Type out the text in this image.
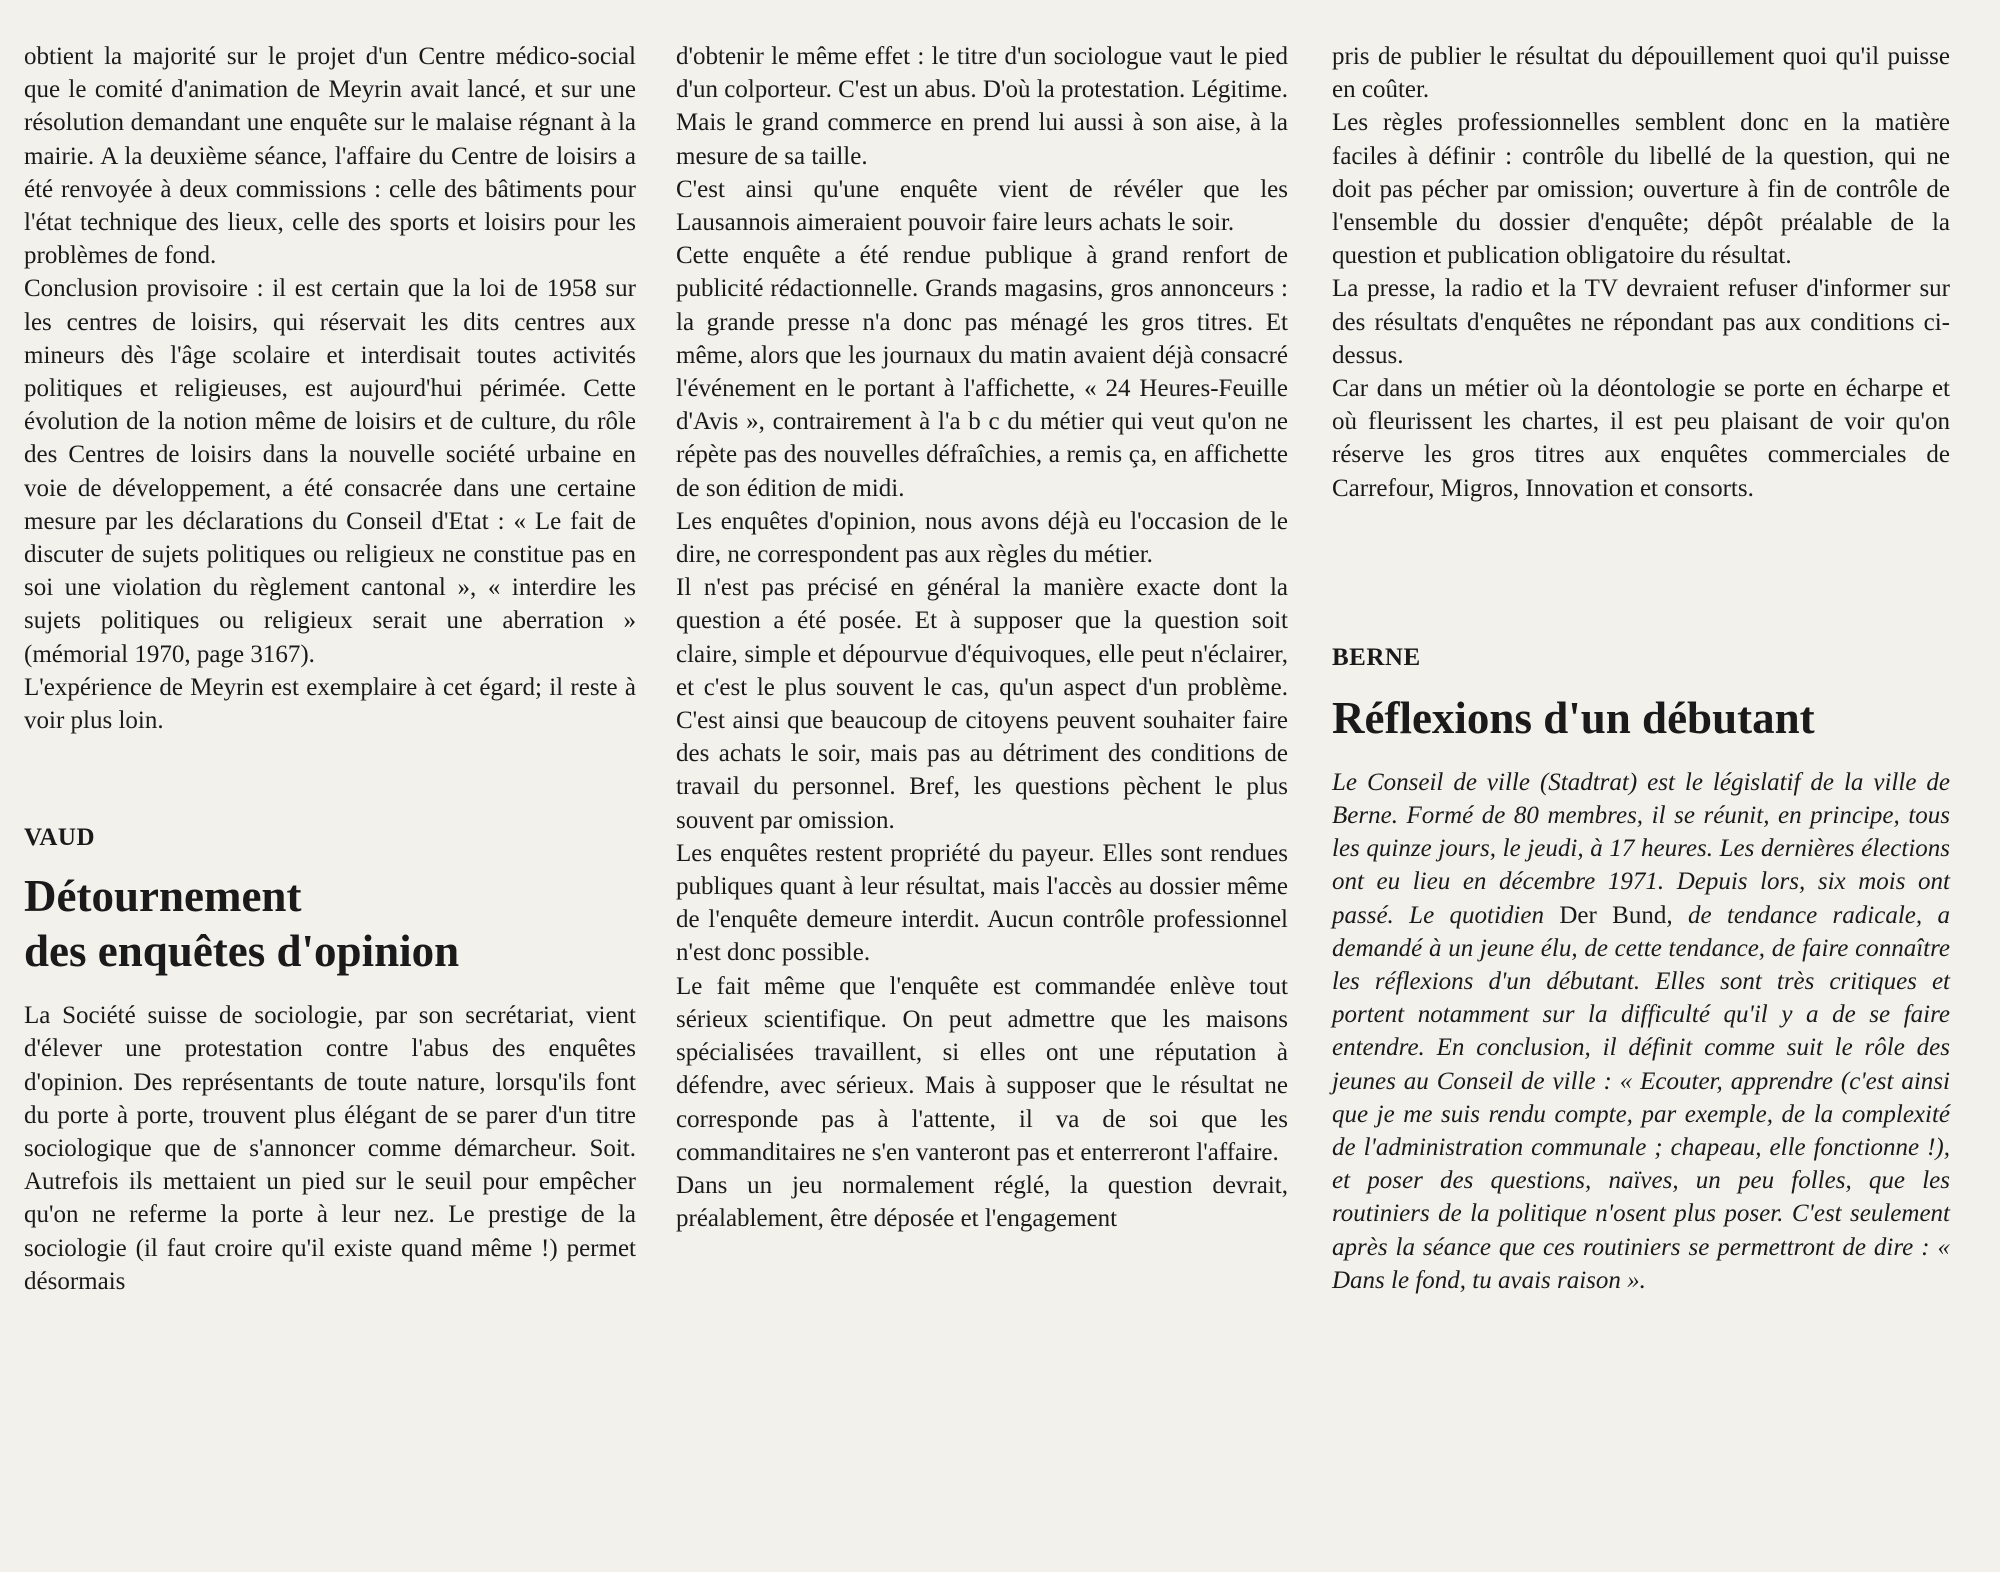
obtient la majorité sur le projet d'un Centre médico-social que le comité d'animation de Meyrin avait lancé, et sur une résolution demandant une enquête sur le malaise régnant à la mairie. A la deuxième séance, l'affaire du Centre de loisirs a été renvoyée à deux commissions : celle des bâtiments pour l'état technique des lieux, celle des sports et loisirs pour les problèmes de fond.

Conclusion provisoire : il est certain que la loi de 1958 sur les centres de loisirs, qui réservait les dits centres aux mineurs dès l'âge scolaire et interdisait toutes activités politiques et religieuses, est aujourd'hui périmée. Cette évolution de la notion même de loisirs et de culture, du rôle des Centres de loisirs dans la nouvelle société urbaine en voie de développement, a été consacrée dans une certaine mesure par les déclarations du Conseil d'Etat : « Le fait de discuter de sujets politiques ou religieux ne constitue pas en soi une violation du règlement cantonal », « interdire les sujets politiques ou religieux serait une aberration » (mémorial 1970, page 3167).

L'expérience de Meyrin est exemplaire à cet égard; il reste à voir plus loin.

VAUD

Détournement

des enquêtes d'opinion

La Société suisse de sociologie, par son secrétariat, vient d'élever une protestation contre l'abus des enquêtes d'opinion. Des représentants de toute nature, lorsqu'ils font du porte à porte, trouvent plus élégant de se parer d'un titre sociologique que de s'annoncer comme démarcheur. Soit. Autrefois ils mettaient un pied sur le seuil pour empêcher qu'on ne referme la porte à leur nez. Le prestige de la sociologie (il faut croire qu'il existe quand même !) permet désormais

d'obtenir le même effet : le titre d'un sociologue vaut le pied d'un colporteur. C'est un abus. D'où la protestation. Légitime.

Mais le grand commerce en prend lui aussi à son aise, à la mesure de sa taille.

C'est ainsi qu'une enquête vient de révéler que les Lausannois aimeraient pouvoir faire leurs achats le soir.

Cette enquête a été rendue publique à grand renfort de publicité rédactionnelle. Grands magasins, gros annonceurs : la grande presse n'a donc pas ménagé les gros titres. Et même, alors que les journaux du matin avaient déjà consacré l'événement en le portant à l'affichette, « 24 Heures-Feuille d'Avis », contrairement à l'a b c du métier qui veut qu'on ne répète pas des nouvelles défraîchies, a remis ça, en affichette de son édition de midi.

Les enquêtes d'opinion, nous avons déjà eu l'occasion de le dire, ne correspondent pas aux règles du métier.

Il n'est pas précisé en général la manière exacte dont la question a été posée. Et à supposer que la question soit claire, simple et dépourvue d'équivoques, elle peut n'éclairer, et c'est le plus souvent le cas, qu'un aspect d'un problème. C'est ainsi que beaucoup de citoyens peuvent souhaiter faire des achats le soir, mais pas au détriment des conditions de travail du personnel. Bref, les questions pèchent le plus souvent par omission.

Les enquêtes restent propriété du payeur. Elles sont rendues publiques quant à leur résultat, mais l'accès au dossier même de l'enquête demeure interdit. Aucun contrôle professionnel n'est donc possible.

Le fait même que l'enquête est commandée enlève tout sérieux scientifique. On peut admettre que les maisons spécialisées travaillent, si elles ont une réputation à défendre, avec sérieux. Mais à supposer que le résultat ne corresponde pas à l'attente, il va de soi que les commanditaires ne s'en vanteront pas et enterreront l'affaire.

Dans un jeu normalement réglé, la question devrait, préalablement, être déposée et l'engagement

pris de publier le résultat du dépouillement quoi qu'il puisse en coûter.

Les règles professionnelles semblent donc en la matière faciles à définir : contrôle du libellé de la question, qui ne doit pas pécher par omission; ouverture à fin de contrôle de l'ensemble du dossier d'enquête; dépôt préalable de la question et publication obligatoire du résultat.

La presse, la radio et la TV devraient refuser d'informer sur des résultats d'enquêtes ne répondant pas aux conditions ci-dessus.

Car dans un métier où la déontologie se porte en écharpe et où fleurissent les chartes, il est peu plaisant de voir qu'on réserve les gros titres aux enquêtes commerciales de Carrefour, Migros, Innovation et consorts.

BERNE

Réflexions d'un débutant

Le Conseil de ville (Stadtrat) est le législatif de la ville de Berne. Formé de 80 membres, il se réunit, en principe, tous les quinze jours, le jeudi, à 17 heures. Les dernières élections ont eu lieu en décembre 1971. Depuis lors, six mois ont passé. Le quotidien Der Bund, de tendance radicale, a demandé à un jeune élu, de cette tendance, de faire connaître les réflexions d'un débutant. Elles sont très critiques et portent notamment sur la difficulté qu'il y a de se faire entendre. En conclusion, il définit comme suit le rôle des jeunes au Conseil de ville : « Ecouter, apprendre (c'est ainsi que je me suis rendu compte, par exemple, de la complexité de l'administration communale ; chapeau, elle fonctionne !), et poser des questions, naïves, un peu folles, que les routiniers de la politique n'osent plus poser. C'est seulement après la séance que ces routiniers se permettront de dire : « Dans le fond, tu avais raison ».
